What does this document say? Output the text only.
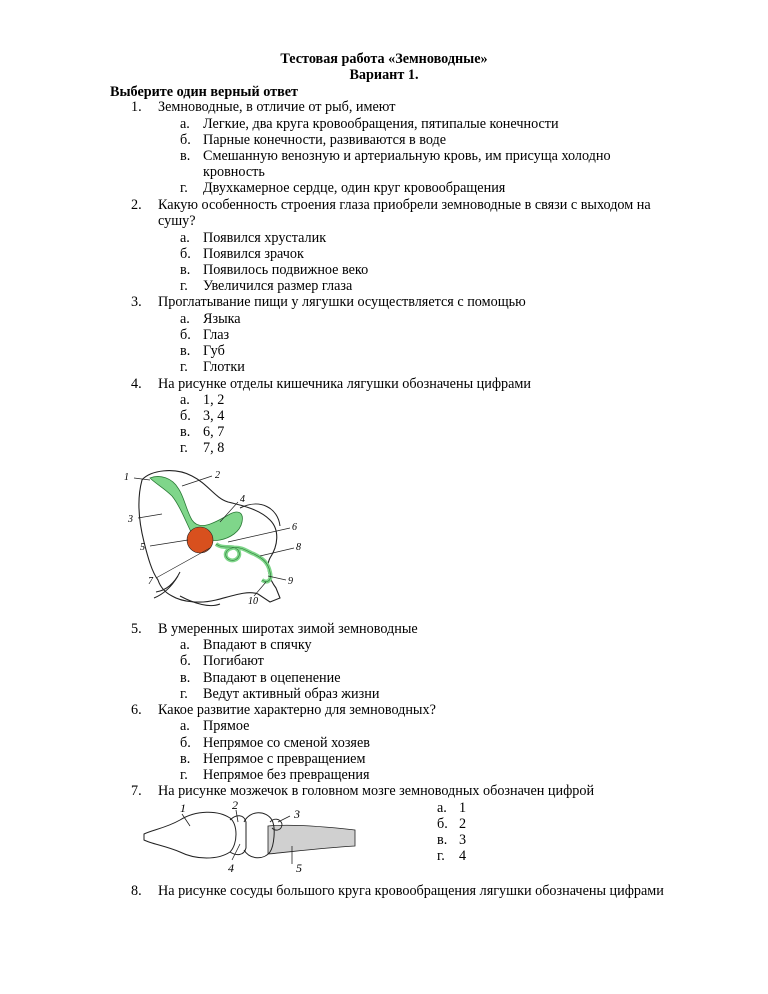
Тестовая работа «Земноводные»
Вариант 1.
Выберите один верный ответ
1. Земноводные, в отличие от рыб, имеют
а. Легкие, два круга кровообращения, пятипалые конечности
б. Парные конечности, развиваются в воде
в. Смешанную венозную и артериальную кровь, им присуща холодно
кровность
г. Двухкамерное сердце, один круг кровообращения
2. Какую особенность строения глаза приобрели земноводные в связи с выходом на
сушу?
а. Появился хрусталик
б. Появился зрачок
в. Появилось подвижное веко
г. Увеличился размер глаза
3. Проглатывание пищи у лягушки осуществляется с помощью
а. Языка
б. Глаз
в. Губ
г. Глотки
4. На рисунке отделы кишечника лягушки обозначены цифрами
а. 1, 2
б. 3, 4
в. 6, 7
г. 7, 8
1	2
3
4
5
6
7
8
9
10
5. В умеренных широтах зимой земноводные
а. Впадают в спячку
б. Погибают
в. Впадают в оцепенение
г. Ведут активный образ жизни
6. Какое развитие характерно для земноводных?
а. Прямое
б. Непрямое со сменой хозяев
в. Непрямое с превращением
г. Непрямое без превращения
7. На рисунке мозжечок в головном мозге земноводных обозначен цифрой
а. 1
б. 2
в. 3
г. 4
1	2
3
4	5
8. На рисунке сосуды большого круга кровообращения лягушки обозначены цифрами
